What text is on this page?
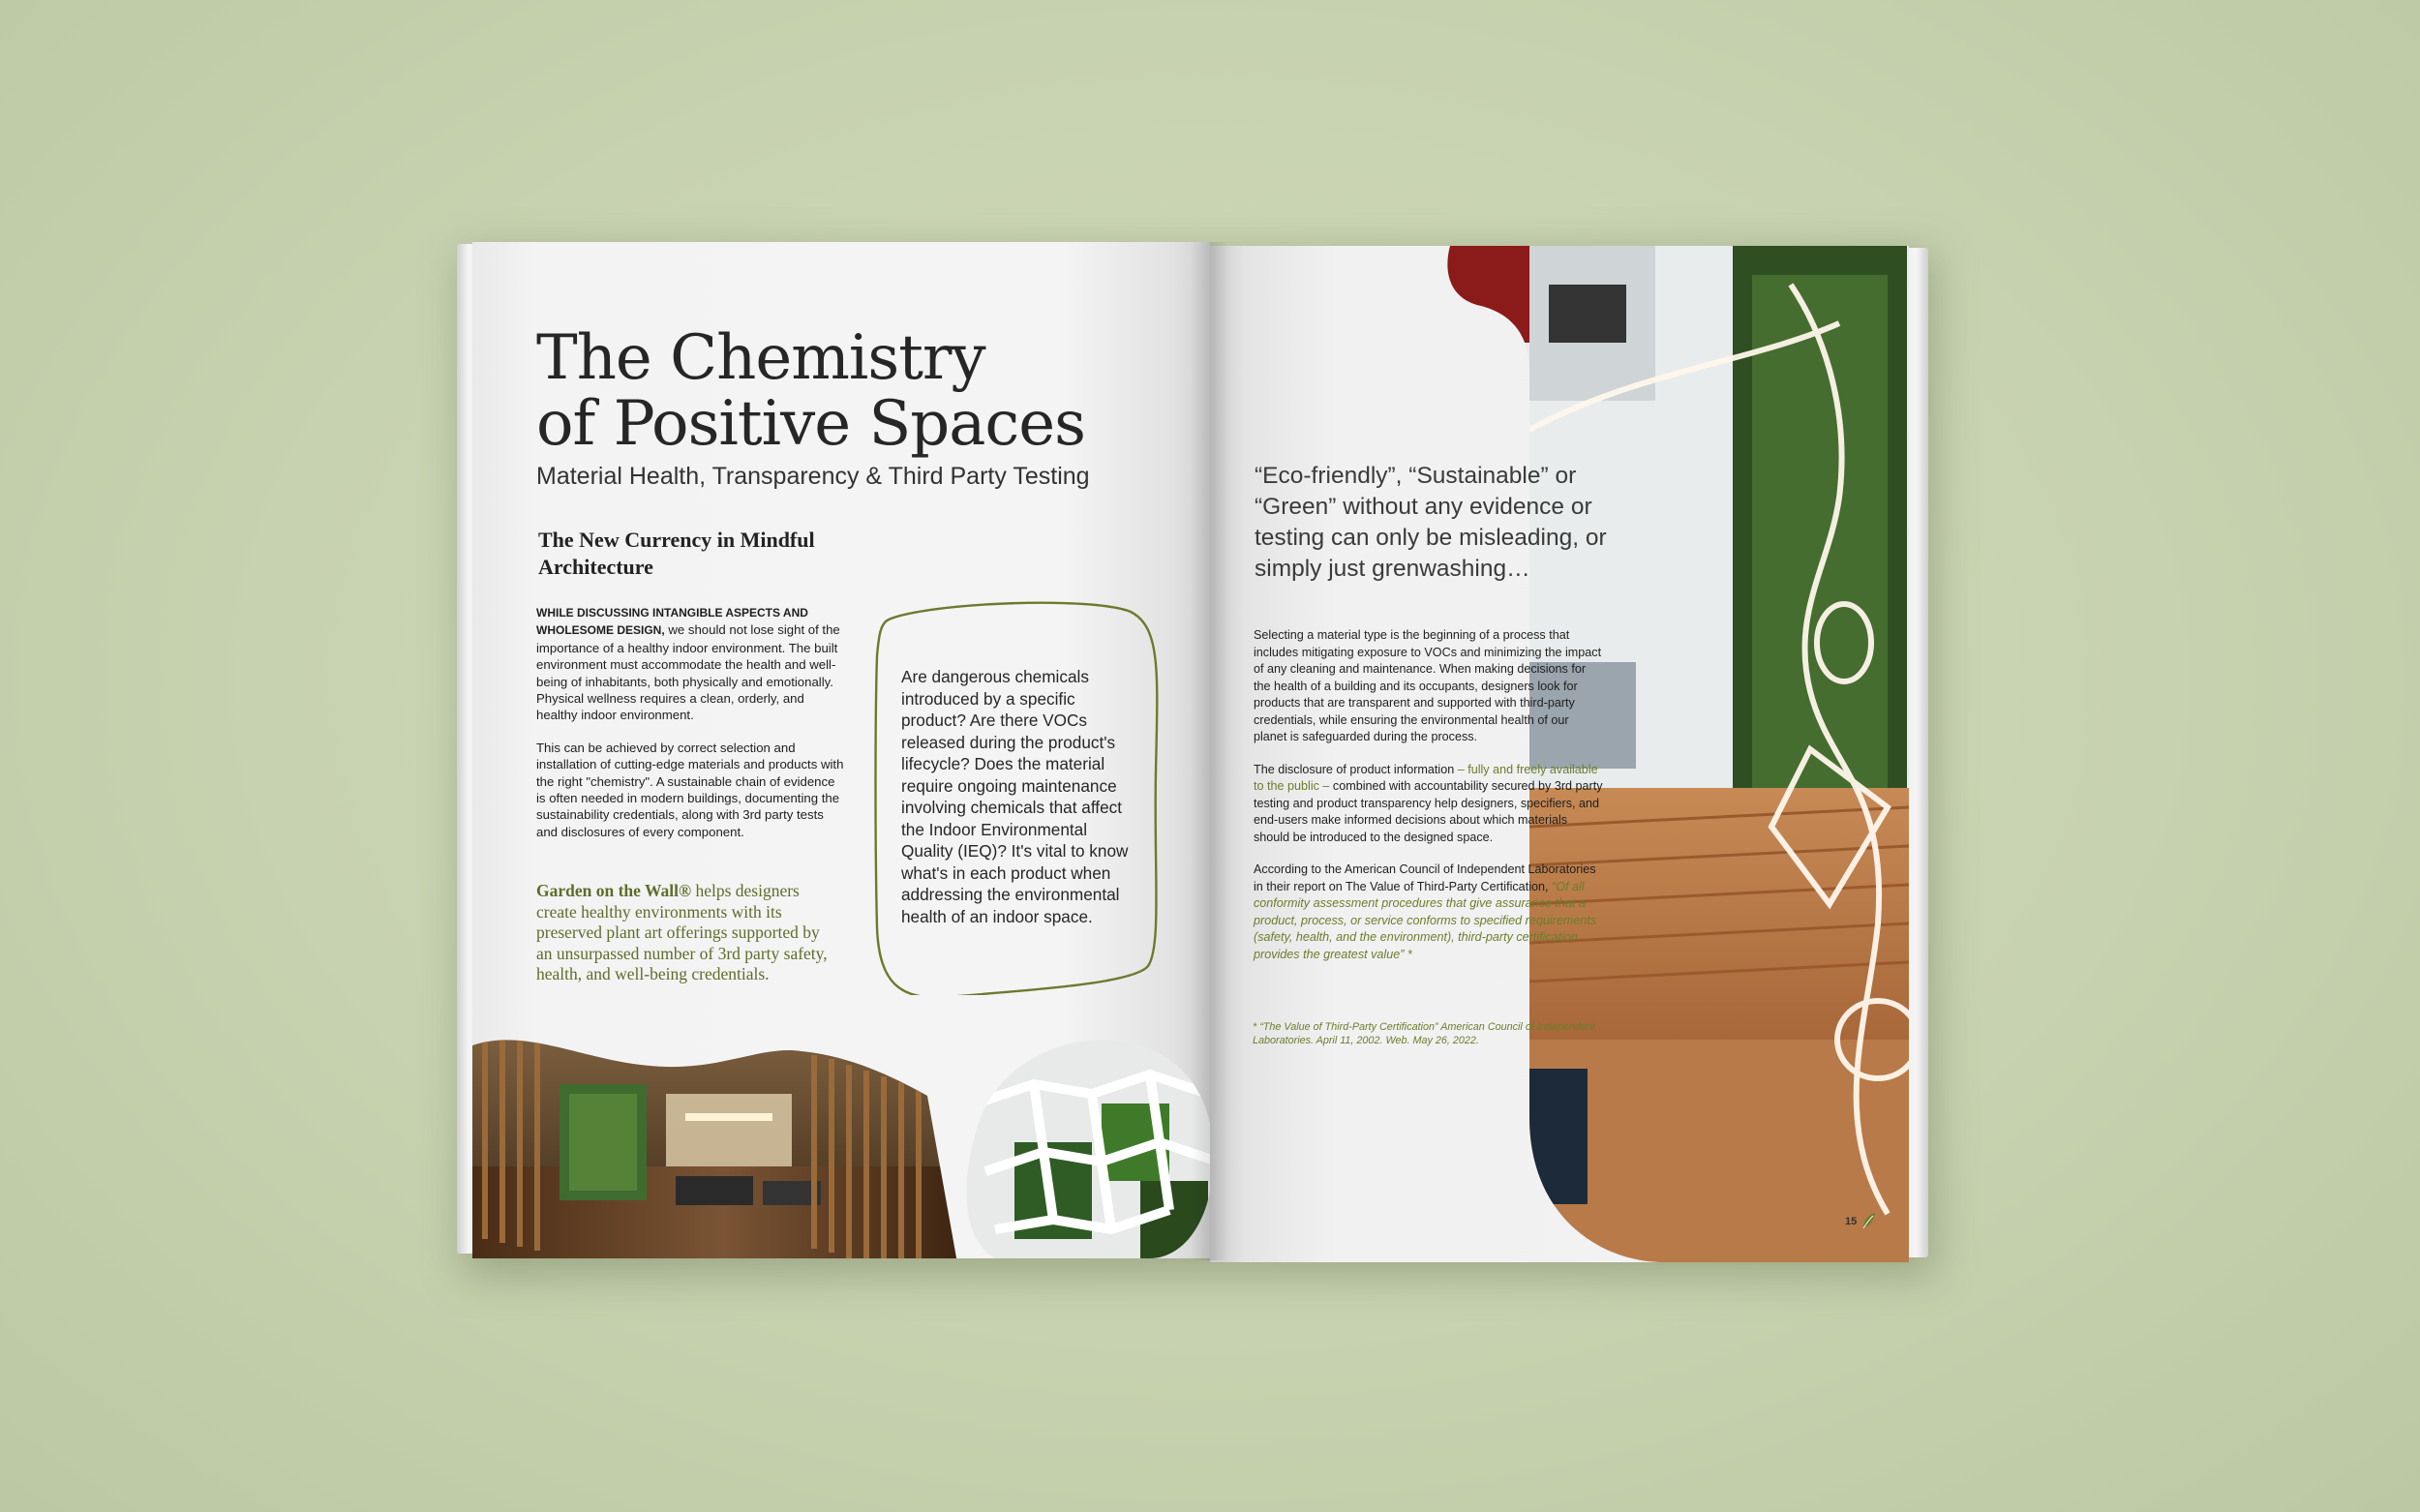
The Chemistry
of Positive Spaces
Material Health, Transparency & Third Party Testing
The New Currency in Mindful Architecture

WHILE DISCUSSING INTANGIBLE ASPECTS AND WHOLESOME DESIGN, we should not lose sight of the importance of a healthy indoor environment. The built environment must accommodate the health and well-being of inhabitants, both physically and emotionally. Physical wellness requires a clean, orderly, and healthy indoor environment.

This can be achieved by correct selection and installation of cutting-edge materials and products with the right "chemistry". A sustainable chain of evidence is often needed in modern buildings, documenting the sustainability credentials, along with 3rd party tests and disclosures of every component.

Garden on the Wall® helps designers create healthy environments with its preserved plant art offerings supported by an unsurpassed number of 3rd party safety, health, and well-being credentials.
Are dangerous chemicals introduced by a specific product? Are there VOCs released during the product's lifecycle? Does the material require ongoing maintenance involving chemicals that affect the Indoor Environmental Quality (IEQ)? It's vital to know what's in each product when addressing the environmental health of an indoor space.
“Eco-friendly”, “Sustainable” or “Green” without any evidence or testing can only be misleading, or simply just grenwashing…

Selecting a material type is the beginning of a process that includes mitigating exposure to VOCs and minimizing the impact of any cleaning and maintenance. When making decisions for the health of a building and its occupants, designers look for products that are transparent and supported with third-party credentials, while ensuring the environmental health of our planet is safeguarded during the process.

The disclosure of product information – fully and freely available to the public – combined with accountability secured by 3rd party testing and product transparency help designers, specifiers, and end-users make informed decisions about which materials should be introduced to the designed space.

According to the American Council of Independent Laboratories in their report on The Value of Third-Party Certification, “Of all conformity assessment procedures that give assurance that a product, process, or service conforms to specified requirements (safety, health, and the environment), third-party certification provides the greatest value” *

* “The Value of Third-Party Certification” American Council of Independent Laboratories. April 11, 2002. Web. May 26, 2022.
15
